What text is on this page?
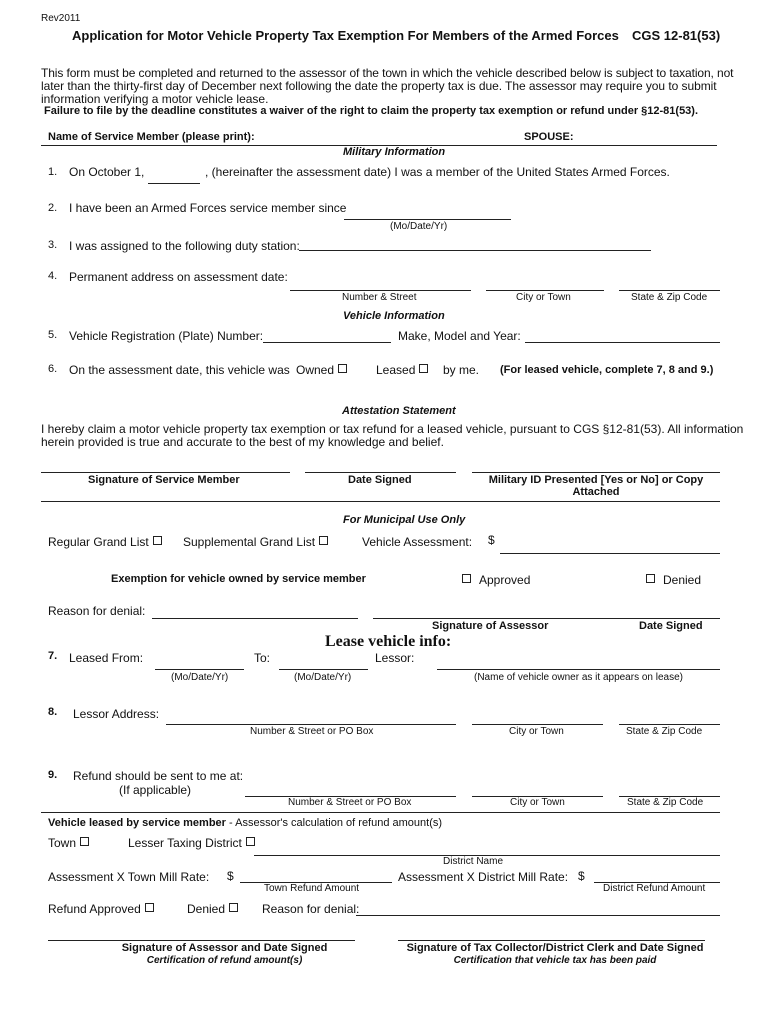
Rev2011
Application for Motor Vehicle Property Tax Exemption For Members of the Armed Forces CGS 12-81(53)
This form must be completed and returned to the assessor of the town in which the vehicle described below is subject to taxation, not
later than the thirty-first day of December next following the date the property tax is due. The assessor may require you to submit
information verifying a motor vehicle lease.
Failure to file by the deadline constitutes a waiver of the right to claim the property tax exemption or refund under §12-81(53).
Name of Service Member (please print):	SPOUSE:
Military Information
1. On October 1,	, (hereinafter the assessment date) I was a member of the United States Armed Forces.
2. I have been an Armed Forces service member since
(Mo/Date/Yr)
3. I was assigned to the following duty station:
4. Permanent address on assessment date:
Number & Street	City or Town	State & Zip Code
Vehicle Information
5. Vehicle Registration (Plate) Number:	Make, Model and Year:
6. On the assessment date, this vehicle was Owned	Leased	by me. (For leased vehicle, complete 7, 8 and 9.)
Attestation Statement
I hereby claim a motor vehicle property tax exemption or tax refund for a leased vehicle, pursuant to CGS §12-81(53). All information
herein provided is true and accurate to the best of my knowledge and belief.
Signature of Service Member	Date Signed	Military ID Presented [Yes or No] or Copy
Attached
For Municipal Use Only
Regular Grand List	Supplemental Grand List	Vehicle Assessment: $
Exemption for vehicle owned by service member	Approved	Denied
Reason for denial:
Signature of Assessor	Date Signed
Lease vehicle info:
7. Leased From:	To:	Lessor:
(Mo/Date/Yr)	(Mo/Date/Yr)	(Name of vehicle owner as it appears on lease)
8. Lessor Address:
Number & Street or PO Box	City or Town	State & Zip Code
9. Refund should be sent to me at:
(If applicable)
Number & Street or PO Box	City or Town	State & Zip Code
Vehicle leased by service member - Assessor's calculation of refund amount(s)
Town	Lesser Taxing District
District Name
Assessment X Town Mill Rate: $
Town Refund Amount
Assessment X District Mill Rate: $
District Refund Amount
Refund Approved	Denied	Reason for denial:
Signature of Assessor and Date Signed
Certification of refund amount(s)
Signature of Tax Collector/District Clerk and Date Signed
Certification that vehicle tax has been paid
